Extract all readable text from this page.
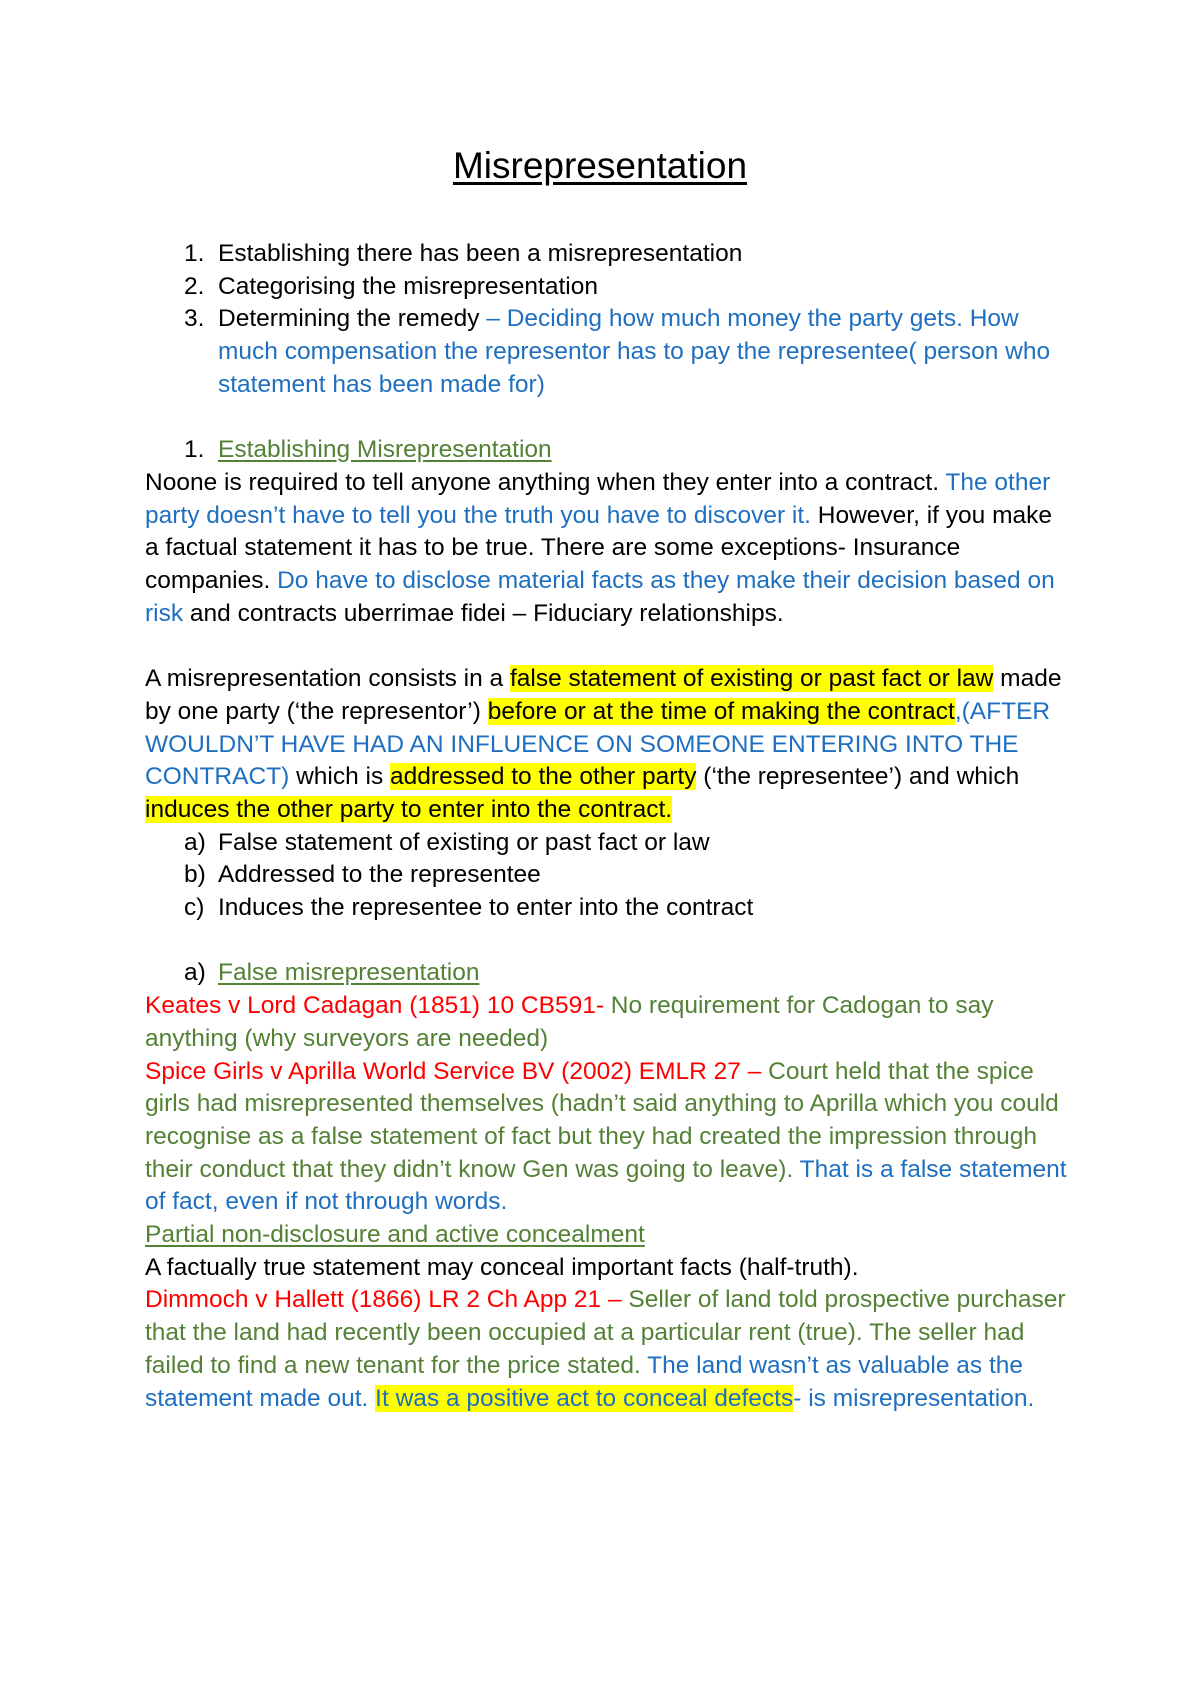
Misrepresentation
1. Establishing there has been a misrepresentation
2. Categorising the misrepresentation
3. Determining the remedy – Deciding how much money the party gets. How much compensation the representor has to pay the representee( person who statement has been made for)
1. Establishing Misrepresentation
Noone is required to tell anyone anything when they enter into a contract. The other party doesn’t have to tell you the truth you have to discover it. However, if you make a factual statement it has to be true. There are some exceptions- Insurance companies. Do have to disclose material facts as they make their decision based on risk and contracts uberrimae fidei – Fiduciary relationships.
A misrepresentation consists in a false statement of existing or past fact or law made by one party (‘the representor’) before or at the time of making the contract,(AFTER WOULDN’T HAVE HAD AN INFLUENCE ON SOMEONE ENTERING INTO THE CONTRACT) which is addressed to the other party (‘the representee’) and which induces the other party to enter into the contract.
a) False statement of existing or past fact or law
b) Addressed to the representee
c) Induces the representee to enter into the contract
a) False misrepresentation
Keates v Lord Cadagan (1851) 10 CB591- No requirement for Cadogan to say anything (why surveyors are needed)
Spice Girls v Aprilla World Service BV (2002) EMLR 27 – Court held that the spice girls had misrepresented themselves (hadn’t said anything to Aprilla which you could recognise as a false statement of fact but they had created the impression through their conduct that they didn’t know Gen was going to leave). That is a false statement of fact, even if not through words.
Partial non-disclosure and active concealment
A factually true statement may conceal important facts (half-truth).
Dimmoch v Hallett (1866) LR 2 Ch App 21 – Seller of land told prospective purchaser that the land had recently been occupied at a particular rent (true). The seller had failed to find a new tenant for the price stated. The land wasn’t as valuable as the statement made out. It was a positive act to conceal defects- is misrepresentation.
